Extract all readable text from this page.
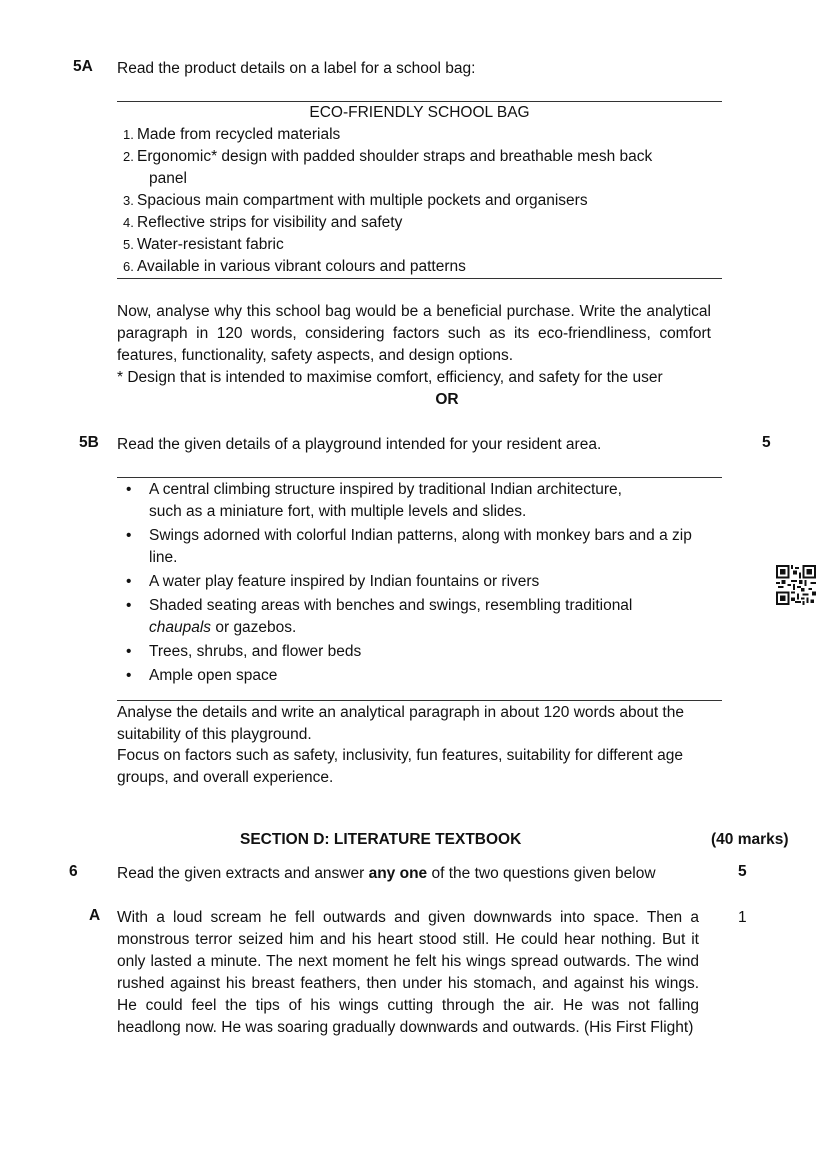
5A Read the product details on a label for a school bag:
ECO-FRIENDLY SCHOOL BAG
1. Made from recycled materials
2. Ergonomic* design with padded shoulder straps and breathable mesh back
panel
3. Spacious main compartment with multiple pockets and organisers
4. Reflective strips for visibility and safety
5. Water-resistant fabric
6. Available in various vibrant colours and patterns
Now, analyse why this school bag would be a beneficial purchase. Write the analytical paragraph in 120 words, considering factors such as its eco-friendliness, comfort features, functionality, safety aspects, and design options.
* Design that is intended to maximise comfort, efficiency, and safety for the user
OR
5B Read the given details of a playground intended for your resident area.	5
• A central climbing structure inspired by traditional Indian architecture, such as a miniature fort, with multiple levels and slides.
• Swings adorned with colorful Indian patterns, along with monkey bars and a zip line.
• A water play feature inspired by Indian fountains or rivers
• Shaded seating areas with benches and swings, resembling traditional chaupals or gazebos.
• Trees, shrubs, and flower beds
• Ample open space
Analyse the details and write an analytical paragraph in about 120 words about the suitability of this playground.
Focus on factors such as safety, inclusivity, fun features, suitability for different age groups, and overall experience.
SECTION D: LITERATURE TEXTBOOK	(40 marks)
6	Read the given extracts and answer any one of the two questions given below	5
A With a loud scream he fell outwards and given downwards into space. Then a monstrous terror seized him and his heart stood still. He could hear nothing. But it only lasted a minute. The next moment he felt his wings spread outwards. The wind rushed against his breast feathers, then under his stomach, and against his wings. He could feel the tips of his wings cutting through the air. He was not falling headlong now. He was soaring gradually downwards and outwards. (His First Flight)
1
